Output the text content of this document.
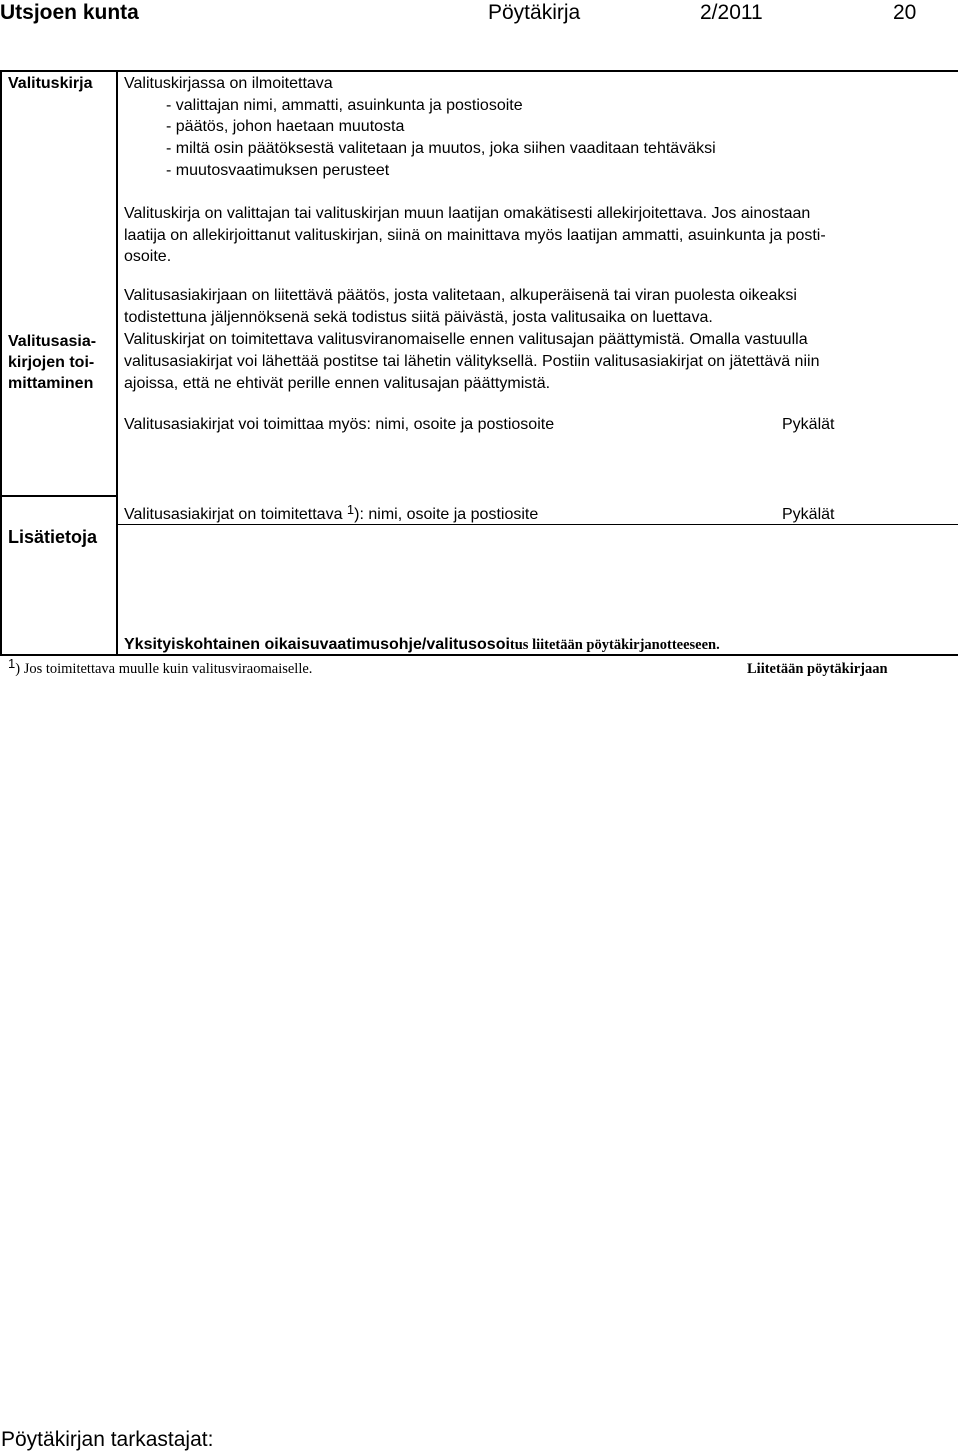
Utsjoen kunta	Pöytäkirja	2/2011	20
Valituskirja Valituskirjassa on ilmoitettava
- valittajan nimi, ammatti, asuinkunta ja postiosoite
- päätös, johon haetaan muutosta
- miltä osin päätöksestä valitetaan ja muutos, joka siihen vaaditaan tehtäväksi
- muutosvaatimuksen perusteet
Valituskirja on valittajan tai valituskirjan muun laatijan omakätisesti allekirjoitettava. Jos ainostaan
laatija on allekirjoittanut valituskirjan, siinä on mainittava myös laatijan ammatti, asuinkunta ja posti-
osoite.
Valitusasia-
kirjojen toi-
mittaminen
Valitusasiakirjaan on liitettävä päätös, josta valitetaan, alkuperäisenä tai viran puolesta oikeaksi
todistettuna jäljennöksenä sekä todistus siitä päivästä, josta valitusaika on luettava.
Valituskirjat on toimitettava valitusviranomaiselle ennen valitusajan päättymistä. Omalla vastuulla
valitusasiakirjat voi lähettää postitse tai lähetin välityksellä. Postiin valitusasiakirjat on jätettävä niin
ajoissa, että ne ehtivät perille ennen valitusajan päättymistä.
Valitusasiakirjat voi toimittaa myös: nimi, osoite ja postiosoite	Pykälät
Lisätietoja
Valitusasiakirjat on toimitettava $^1$): nimi, osoite ja postiosite	Pykälät
Yksityiskohtainen oikaisuvaatimusohje/valitusosoitus liitetään pöytäkirjanotteeseen.
$^1$) Jos toimitettava muulle kuin valitusviraomaiselle.	Liitetään pöytäkirjaan
Pöytäkirjan tarkastajat:
